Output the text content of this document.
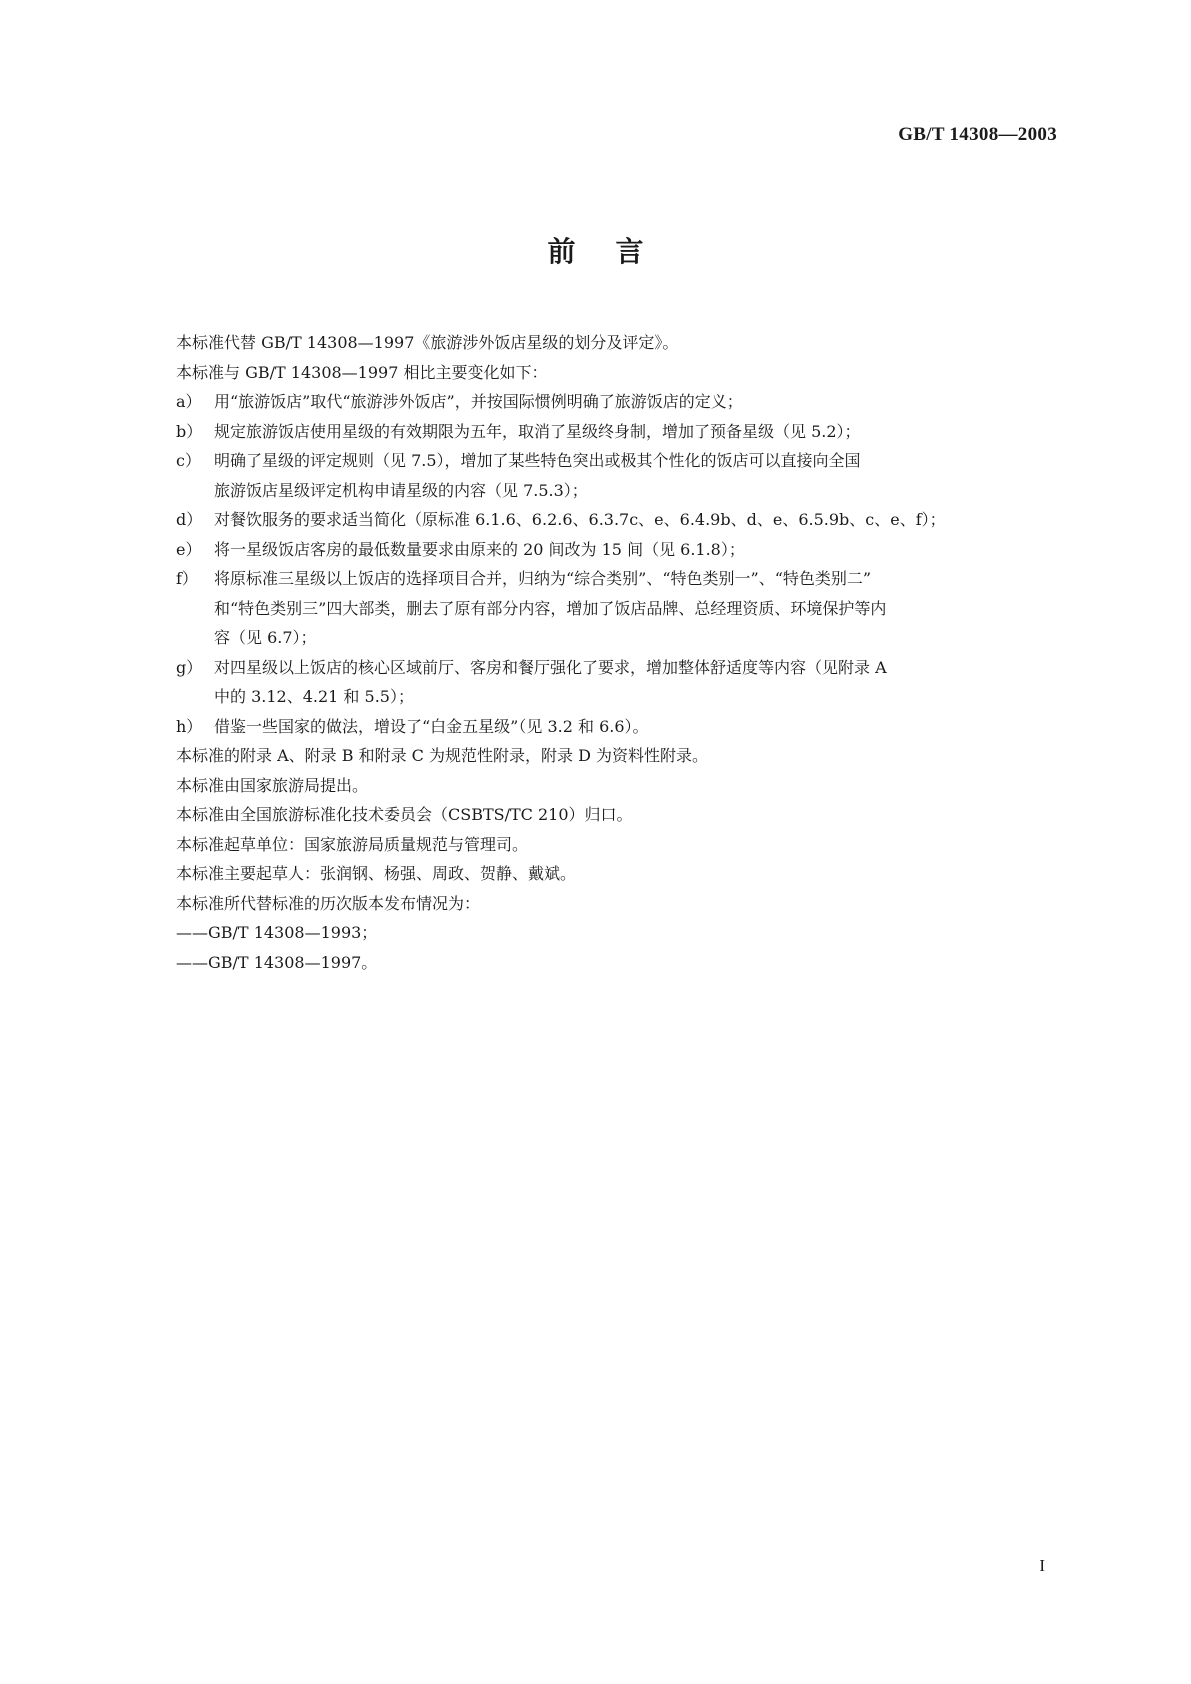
GB/T 14308—2003
前言
本标准代替 GB/T 14308—1997《旅游涉外饭店星级的划分及评定》。
本标准与 GB/T 14308—1997 相比主要变化如下：
a） 用“旅游饭店”取代“旅游涉外饭店”，并按国际惯例明确了旅游饭店的定义；
b） 规定旅游饭店使用星级的有效期限为五年，取消了星级终身制，增加了预备星级（见 5.2）；
c） 明确了星级的评定规则（见 7.5），增加了某些特色突出或极其个性化的饭店可以直接向全国
旅游饭店星级评定机构申请星级的内容（见 7.5.3）；
d） 对餐饮服务的要求适当简化（原标准 6.1.6、6.2.6、6.3.7c、e、6.4.9b、d、e、6.5.9b、c、e、f）；
e） 将一星级饭店客房的最低数量要求由原来的 20 间改为 15 间（见 6.1.8）；
f）	将原标准三星级以上饭店的选择项目合并，归纳为“综合类别”、“特色类别一”、“特色类别二”
和“特色类别三”四大部类，删去了原有部分内容，增加了饭店品牌、总经理资质、环境保护等内
容（见 6.7）；
g） 对四星级以上饭店的核心区域前厅、客房和餐厅强化了要求，增加整体舒适度等内容（见附录 A
中的 3.12、4.21 和 5.5）；
h） 借鉴一些国家的做法，增设了“白金五星级”（见 3.2 和 6.6）。
本标准的附录 A、附录 B 和附录 C 为规范性附录，附录 D 为资料性附录。
本标准由国家旅游局提出。
本标准由全国旅游标准化技术委员会（CSBTS/TC 210）归口。
本标准起草单位：国家旅游局质量规范与管理司。
本标准主要起草人：张润钢、杨强、周政、贺静、戴斌。
本标准所代替标准的历次版本发布情况为：
——GB/T 14308—1993；
——GB/T 14308—1997。
I
